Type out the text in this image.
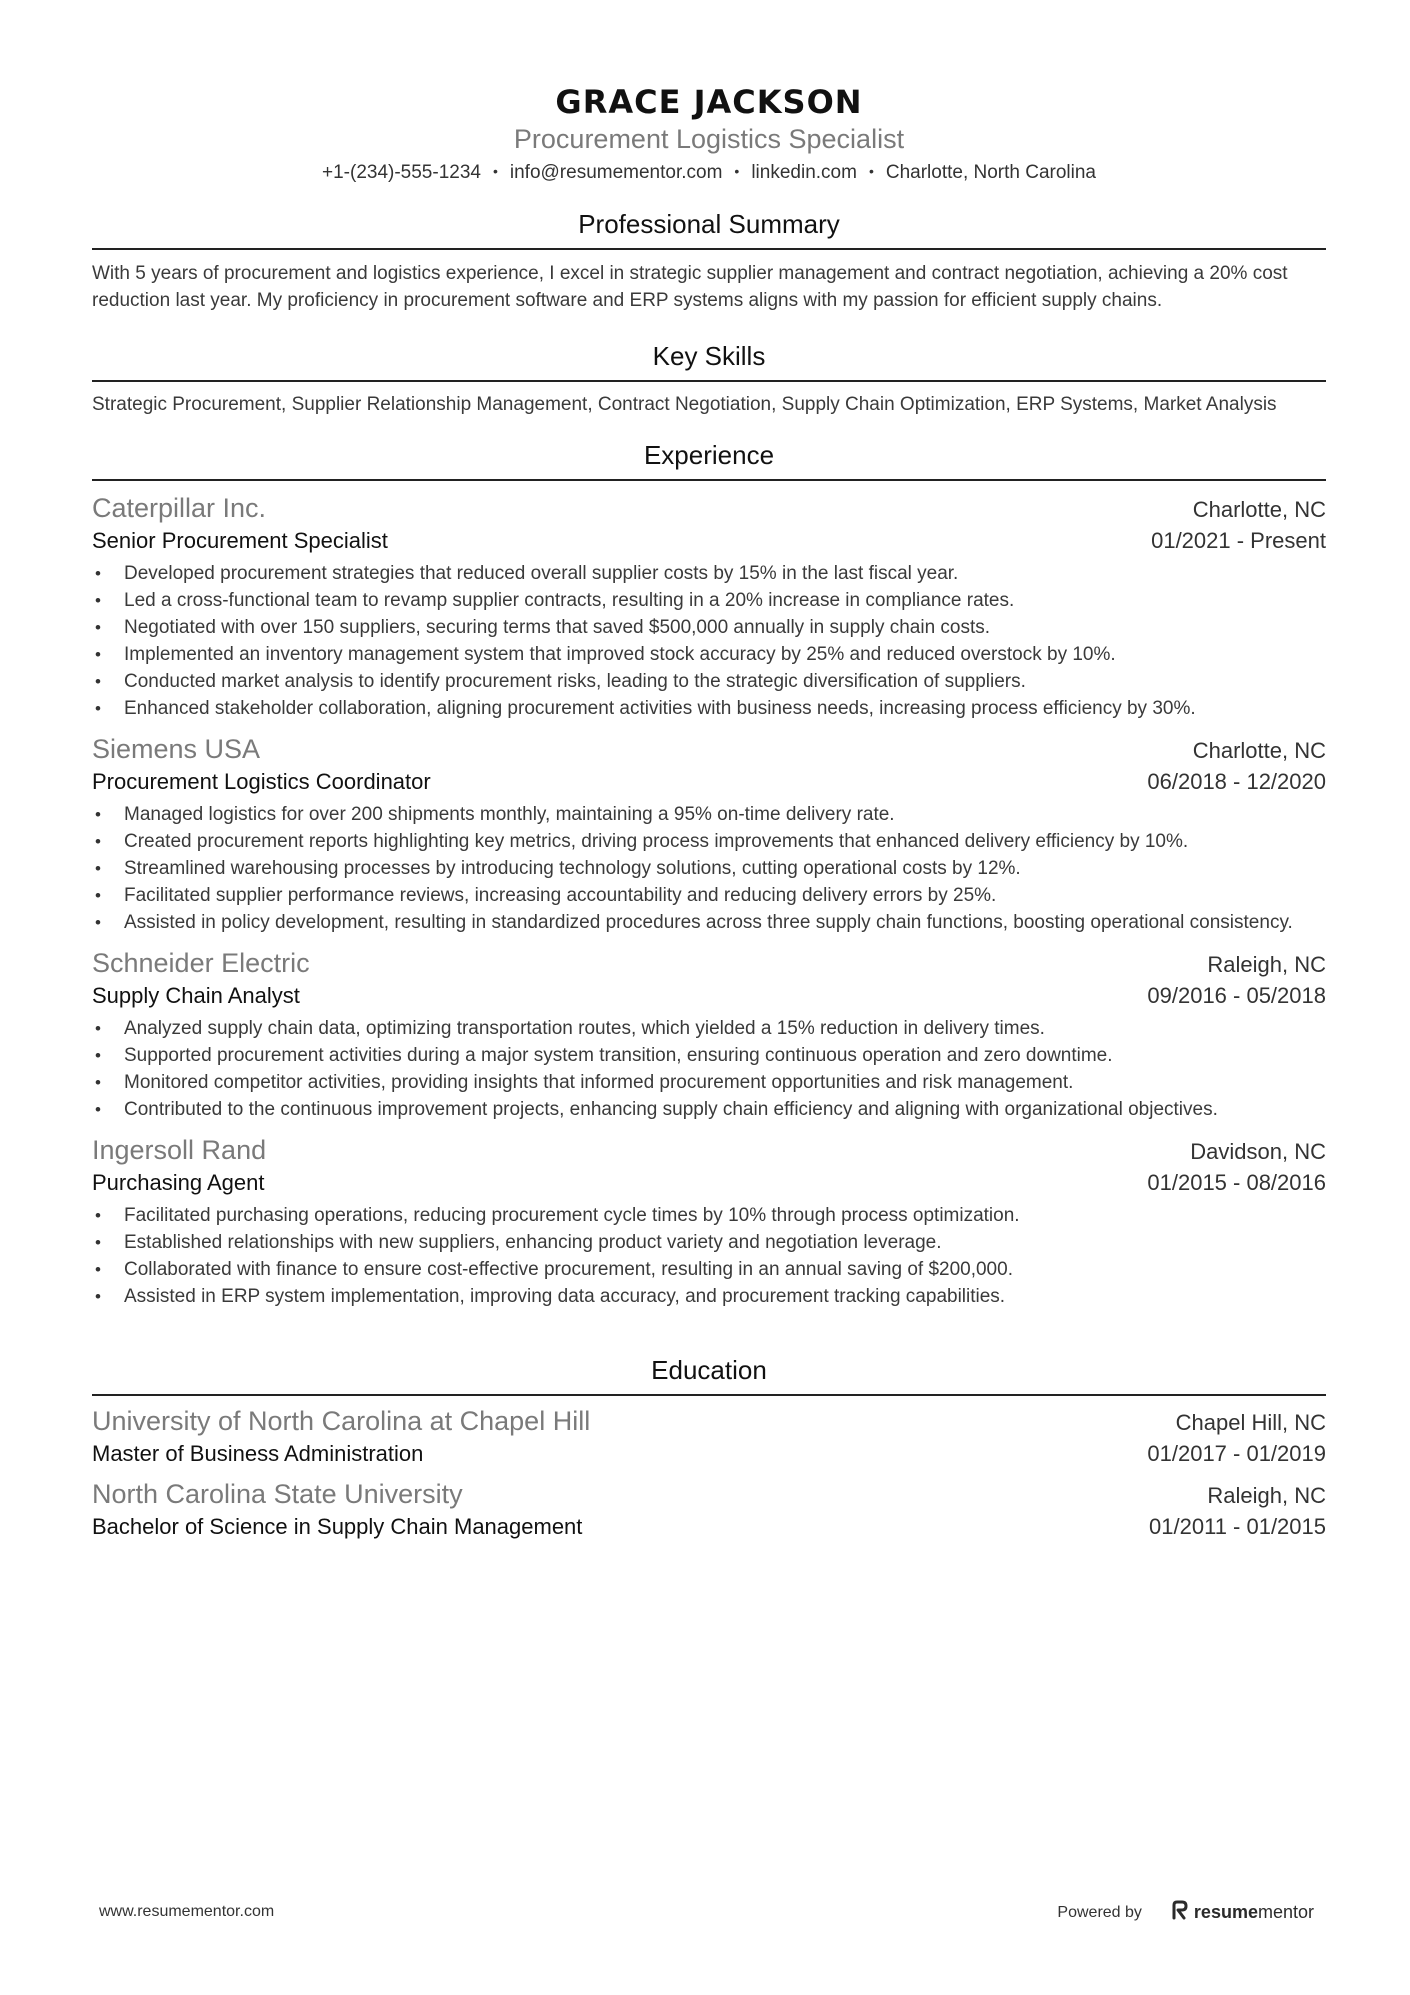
GRACE JACKSON
Procurement Logistics Specialist
+1-(234)-555-1234 • info@resumementor.com • linkedin.com • Charlotte, North Carolina
Professional Summary
With 5 years of procurement and logistics experience, I excel in strategic supplier management and contract negotiation, achieving a 20% cost reduction last year. My proficiency in procurement software and ERP systems aligns with my passion for efficient supply chains.
Key Skills
Strategic Procurement, Supplier Relationship Management, Contract Negotiation, Supply Chain Optimization, ERP Systems, Market Analysis
Experience
Caterpillar Inc.	Charlotte, NC
Senior Procurement Specialist	01/2021 - Present
• Developed procurement strategies that reduced overall supplier costs by 15% in the last fiscal year.
• Led a cross-functional team to revamp supplier contracts, resulting in a 20% increase in compliance rates.
• Negotiated with over 150 suppliers, securing terms that saved $500,000 annually in supply chain costs.
• Implemented an inventory management system that improved stock accuracy by 25% and reduced overstock by 10%.
• Conducted market analysis to identify procurement risks, leading to the strategic diversification of suppliers.
• Enhanced stakeholder collaboration, aligning procurement activities with business needs, increasing process efficiency by 30%.
Siemens USA	Charlotte, NC
Procurement Logistics Coordinator	06/2018 - 12/2020
• Managed logistics for over 200 shipments monthly, maintaining a 95% on-time delivery rate.
• Created procurement reports highlighting key metrics, driving process improvements that enhanced delivery efficiency by 10%.
• Streamlined warehousing processes by introducing technology solutions, cutting operational costs by 12%.
• Facilitated supplier performance reviews, increasing accountability and reducing delivery errors by 25%.
• Assisted in policy development, resulting in standardized procedures across three supply chain functions, boosting operational consistency.
Schneider Electric	Raleigh, NC
Supply Chain Analyst	09/2016 - 05/2018
• Analyzed supply chain data, optimizing transportation routes, which yielded a 15% reduction in delivery times.
• Supported procurement activities during a major system transition, ensuring continuous operation and zero downtime.
• Monitored competitor activities, providing insights that informed procurement opportunities and risk management.
• Contributed to the continuous improvement projects, enhancing supply chain efficiency and aligning with organizational objectives.
Ingersoll Rand	Davidson, NC
Purchasing Agent	01/2015 - 08/2016
• Facilitated purchasing operations, reducing procurement cycle times by 10% through process optimization.
• Established relationships with new suppliers, enhancing product variety and negotiation leverage.
• Collaborated with finance to ensure cost-effective procurement, resulting in an annual saving of $200,000.
• Assisted in ERP system implementation, improving data accuracy, and procurement tracking capabilities.
Education
University of North Carolina at Chapel Hill	Chapel Hill, NC
Master of Business Administration	01/2017 - 01/2019
North Carolina State University	Raleigh, NC
Bachelor of Science in Supply Chain Management	01/2011 - 01/2015
www.resumementor.com	Powered by	resumementor
